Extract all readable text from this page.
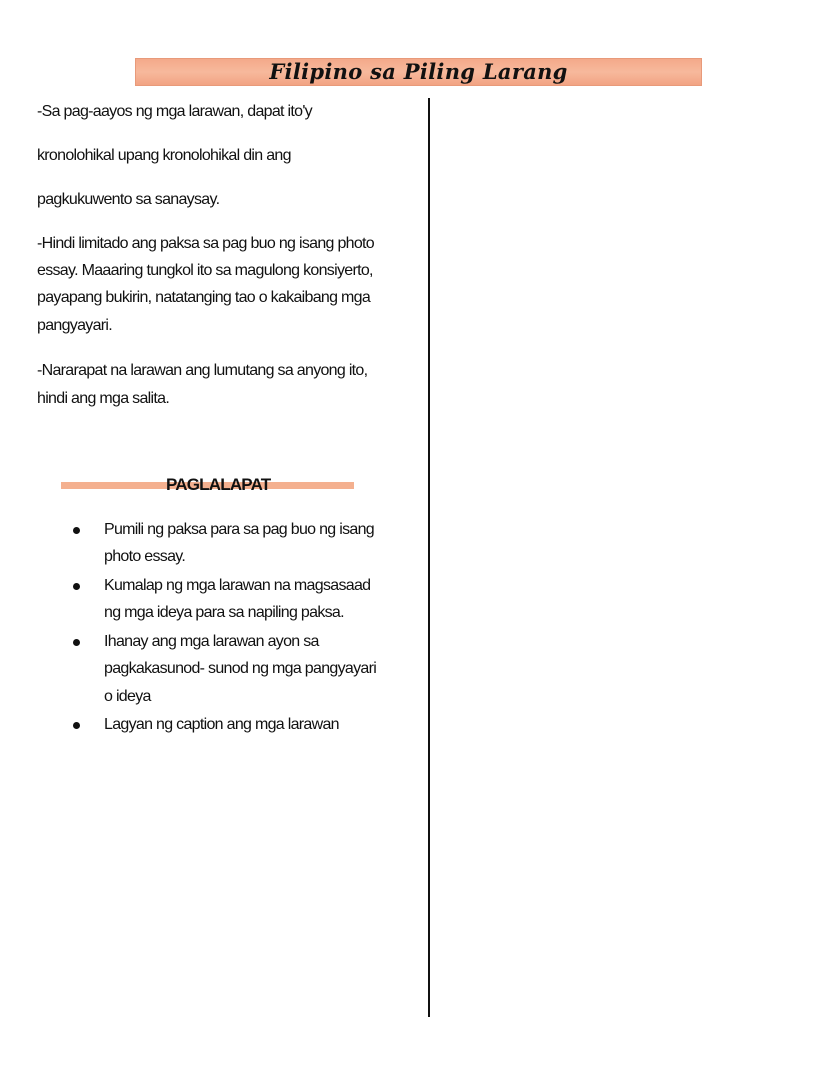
Filipino sa Piling Larang
-Sa pag-aayos ng mga larawan, dapat ito'y
kronolohikal upang kronolohikal din ang
pagkukuwento sa sanaysay.
-Hindi limitado ang paksa sa pag buo ng isang photo
essay. Maaaring tungkol ito sa magulong konsiyerto,
payapang bukirin, natatanging tao o kakaibang mga
pangyayari.
-Nararapat na larawan ang lumutang sa anyong ito,
hindi ang mga salita.
PAGLALAPAT
Pumili ng paksa para sa pag buo ng isang
photo essay.
Kumalap ng mga larawan na magsasaad
ng mga ideya para sa napiling paksa.
Ihanay ang mga larawan ayon sa
pagkakasunod- sunod ng mga pangyayari
o ideya
Lagyan ng caption ang mga larawan
